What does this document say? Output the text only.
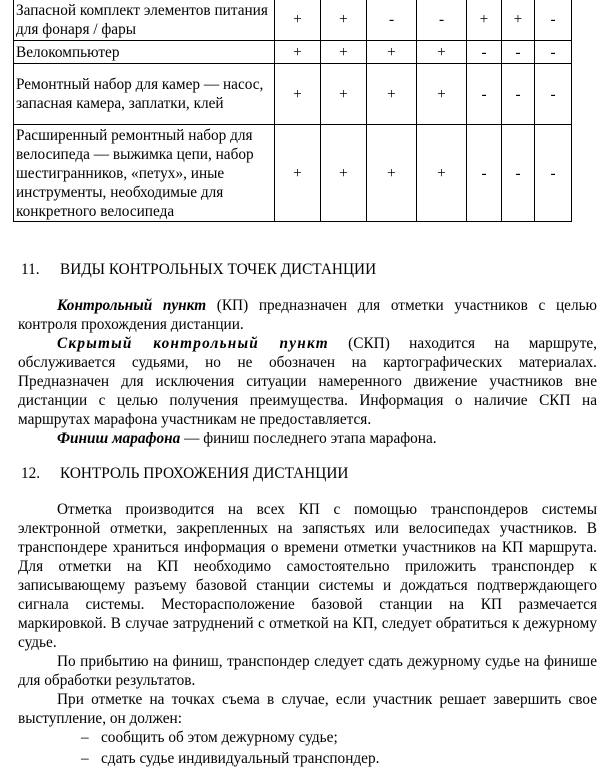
Запасной комплект элементов питания для фонаря / фары	+	+	-	-	+	+	-
Велокомпьютер	+	+	+	+	-	-	-
Ремонтный набор для камер — насос, запасная камера, заплатки, клей	+	+	+	+	-	-	-
Расширенный ремонтный набор для велосипеда — выжимка цепи, набор шестигранников, «петух», иные инструменты, необходимые для конкретного велосипеда	+	+	+	+	-	-	-
11. ВИДЫ КОНТРОЛЬНЫХ ТОЧЕК ДИСТАНЦИИ
Контрольный пункт (КП) предназначен для отметки участников с целью контроля прохождения дистанции.
Скрытый контрольный пункт (СКП) находится на маршруте, обслуживается судьями, но не обозначен на картографических материалах. Предназначен для исключения ситуации намеренного движение участников вне дистанции с целью получения преимущества. Информация о наличие СКП на маршрутах марафона участникам не предоставляется.
Финиш марафона — финиш последнего этапа марафона.
12. КОНТРОЛЬ ПРОХОЖЕНИЯ ДИСТАНЦИИ
Отметка производится на всех КП с помощью транспондеров системы электронной отметки, закрепленных на запястьях или велосипедах участников. В транспондере храниться информация о времени отметки участников на КП маршрута. Для отметки на КП необходимо самостоятельно приложить транспондер к записывающему разъему базовой станции системы и дождаться подтверждающего сигнала системы. Месторасположение базовой станции на КП размечается маркировкой. В случае затруднений с отметкой на КП, следует обратиться к дежурному судье.
По прибытию на финиш, транспондер следует сдать дежурному судье на финише для обработки результатов.
При отметке на точках съема в случае, если участник решает завершить свое выступление, он должен:
– сообщить об этом дежурному судье;
– сдать судье индивидуальный транспондер.
